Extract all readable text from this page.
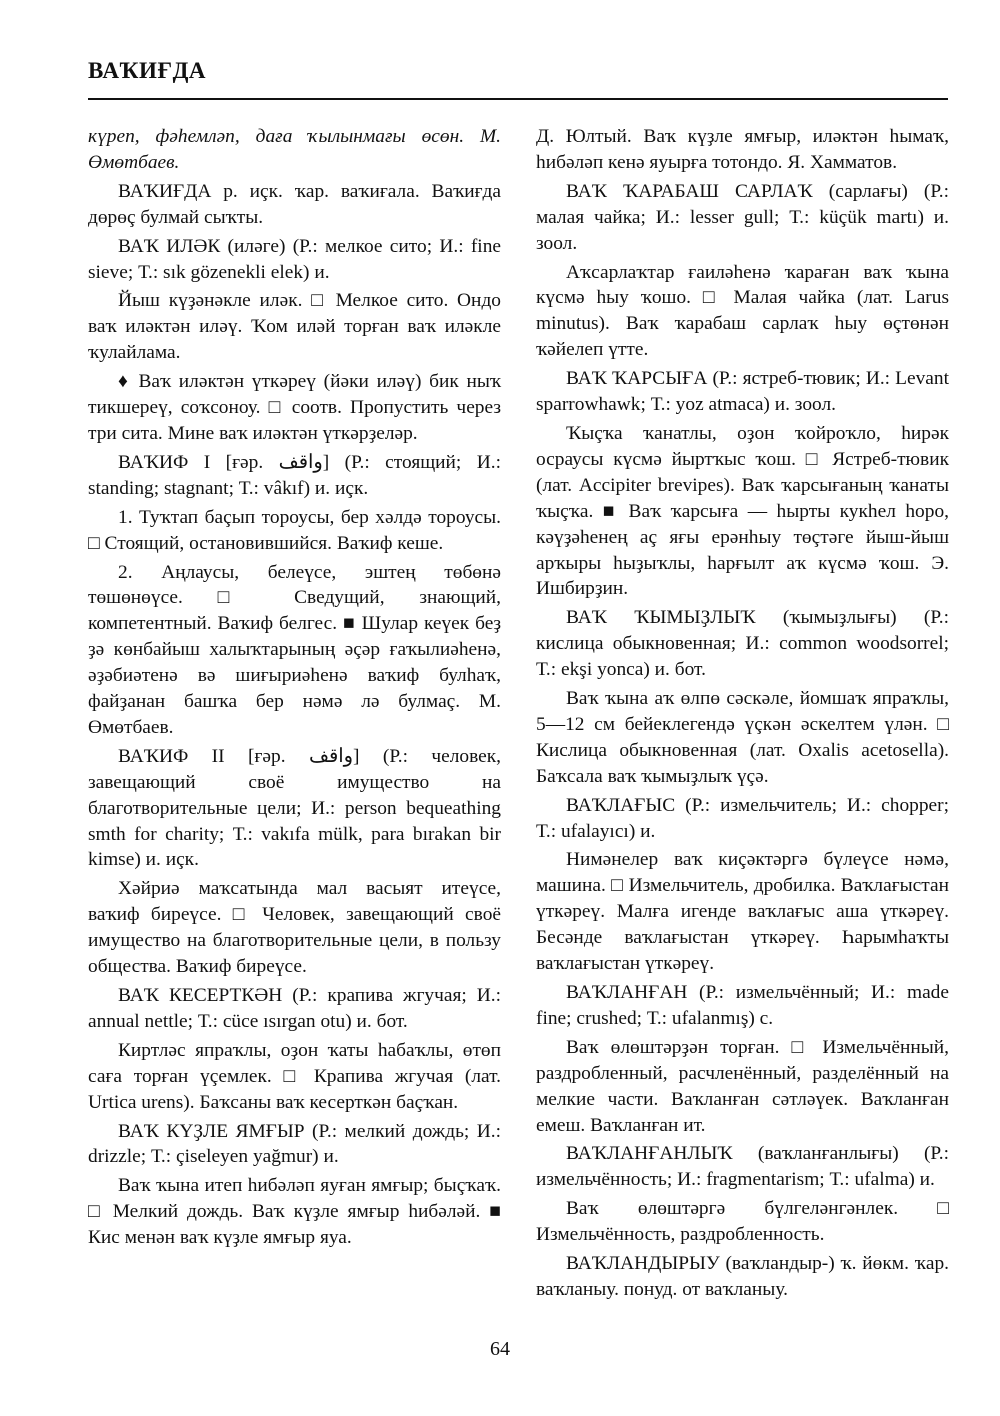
ВАҠИҒДА

күреп, фәһемләп, даға ҡылынмағы өсөн. М. Өмөтбаев.

ВАҠИҒДА р. иçк. ҡар. ваҡиғала. Ваҡиғда дөрөç булмай сыҡты.

ВАҠ ИЛӘК (иләге) (Р.: мелкое сито; И.: fine sieve; Т.: sık gözenekli elek) и.

Йыш күҙәнәкле иләк. □ Мелкое сито. Ондо ваҡ иләктән иләү. Ҡом иләй торған ваҡ иләкле ҡулайлама.

♦ Ваҡ иләктән үткәреү (йәки иләү) бик ныҡ тикшереү, соҡсоноу. □ соотв. Пропустить через три сита. Мине ваҡ иләктән үткәрҙеләр.

ВАҠИФ I [ғәр. واقف] (Р.: стоящий; И.: standing; stagnant; Т.: vâkıf) и. иçк.

1. Туҡтап баçып тороусы, бер хәлдә тороусы. □ Стоящий, остановившийся. Ваҡиф кеше.

2. Аңлаусы, белеүсе, эштең төбөнә төшөнөүсе. □ Сведущий, знающий, компетентный. Ваҡиф белгес. ■ Шулар кеүек беҙ ҙә көнбайыш халыҡтарының әçәр ғаҡылиәһенә, әҙәбиәтенә вә шиғыриәһенә ваҡиф булһаҡ, файҙанан башҡа бер нәмә лә булмаç. М. Өмөтбаев.

ВАҠИФ II [ғәр. واقف] (Р.: человек, завещающий своё имущество на благотворительные цели; И.: person bequeathing smth for charity; Т.: vakıfa mülk, para bırakan bir kimse) и. иçк.

Хәйриә маҡсатында мал васыят итеүсе, ваҡиф биреүсе. □ Человек, завещающий своё имущество на благотворительные цели, в пользу общества. Ваҡиф биреүсе.

ВАҠ КЕСЕРТКӘН (Р.: крапива жгучая; И.: annual nettle; Т.: cüce ısırgan otu) и. бот.

Киртләс япраҡлы, оҙон ҡаты һабаҡлы, өтөп саға торған үçемлек. □ Крапива жгучая (лат. Urtica urens). Баҡсаны ваҡ кесерткән баçҡан.

ВАҠ КҮҘЛЕ ЯМҒЫР (Р.: мелкий дождь; И.: drizzle; Т.: çiseleyen yağmur) и.

Ваҡ ҡына итеп һибәләп яуған ямғыр; быçҡаҡ. □ Мелкий дождь. Ваҡ күҙле ямғыр һибәләй. ■ Кис менән ваҡ күҙле ямғыр яуа.

Д. Юлтый. Ваҡ күҙле ямғыр, иләктән һымаҡ, һибәләп кенә яуырға тотондо. Я. Хамматов.

ВАҠ ҠАРАБАШ САРЛАҠ (сарлағы) (Р.: малая чайка; И.: lesser gull; Т.: küçük martı) и. зоол.

Аҡсарлаҡтар ғаиләһенә ҡараған ваҡ ҡына күсмә һыу ҡошо. □ Малая чайка (лат. Larus minutus). Ваҡ ҡарабаш сарлаҡ һыу өçтөнән ҡәйелеп үтте.

ВАҠ ҠАРСЫҒА (Р.: ястреб-тювик; И.: Levant sparrowhawk; Т.: yoz atmaca) и. зоол.

Ҡыçҡа ҡанатлы, оҙон ҡойроҡло, һирәк осраусы күсмә йыртҡыс ҡош. □ Ястреб-тювик (лат. Accipiter brevipes). Ваҡ ҡарсығаның ҡанаты ҡыçҡа. ■ Ваҡ ҡарсыға — һырты кукһел һоро, кәүҙәһенең аç яғы ерәнһыу төçтәге йыш-йыш арҡыры һыҙыҡлы, һарғылт аҡ күсмә ҡош. Э. Ишбирҙин.

ВАҠ ҠЫМЫҘЛЫҠ (ҡымыҙлығы) (Р.: кислица обыкновенная; И.: common woodsorrel; Т.: ekşi yonca) и. бот.

Ваҡ ҡына аҡ өлпө сәскәле, йомшаҡ япраҡлы, 5—12 см бейеклегендә үçкән әскелтем үлән. □ Кислица обыкновенная (лат. Oxalis acetosella). Баҡсала ваҡ ҡымыҙлыҡ үçә.

ВАҠЛАҒЫС (Р.: измельчитель; И.: chopper; Т.: ufalayıcı) и.

Нимәнелер ваҡ киçәктәргә бүлеүсе нәмә, машина. □ Измельчитель, дробилка. Ваҡлағыстан үткәреү. Малға игенде ваҡлағыс аша үткәреү. Бесәнде ваҡлағыстан үткәреү. Һарымһаҡты ваҡлағыстан үткәреү.

ВАҠЛАНҒАН (Р.: измельчённый; И.: made fine; crushed; Т.: ufalanmış) с.

Ваҡ өлөштәрҙән торған. □ Измельчённый, раздробленный, расчленённый, разделённый на мелкие части. Ваҡланған сәтләүек. Ваҡланған емеш. Ваҡланған ит.

ВАҠЛАНҒАНЛЫҠ (ваҡланғанлығы) (Р.: измельчённость; И.: fragmentarism; Т.: ufalma) и.

Ваҡ өлөштәргә бүлгеләнгәнлек. □ Измельчённость, раздробленность.

ВАҠЛАНДЫРЫУ (ваҡландыр-) ҡ. йөкм. ҡар. ваҡланыу. понуд. от ваҡланыу.

64
